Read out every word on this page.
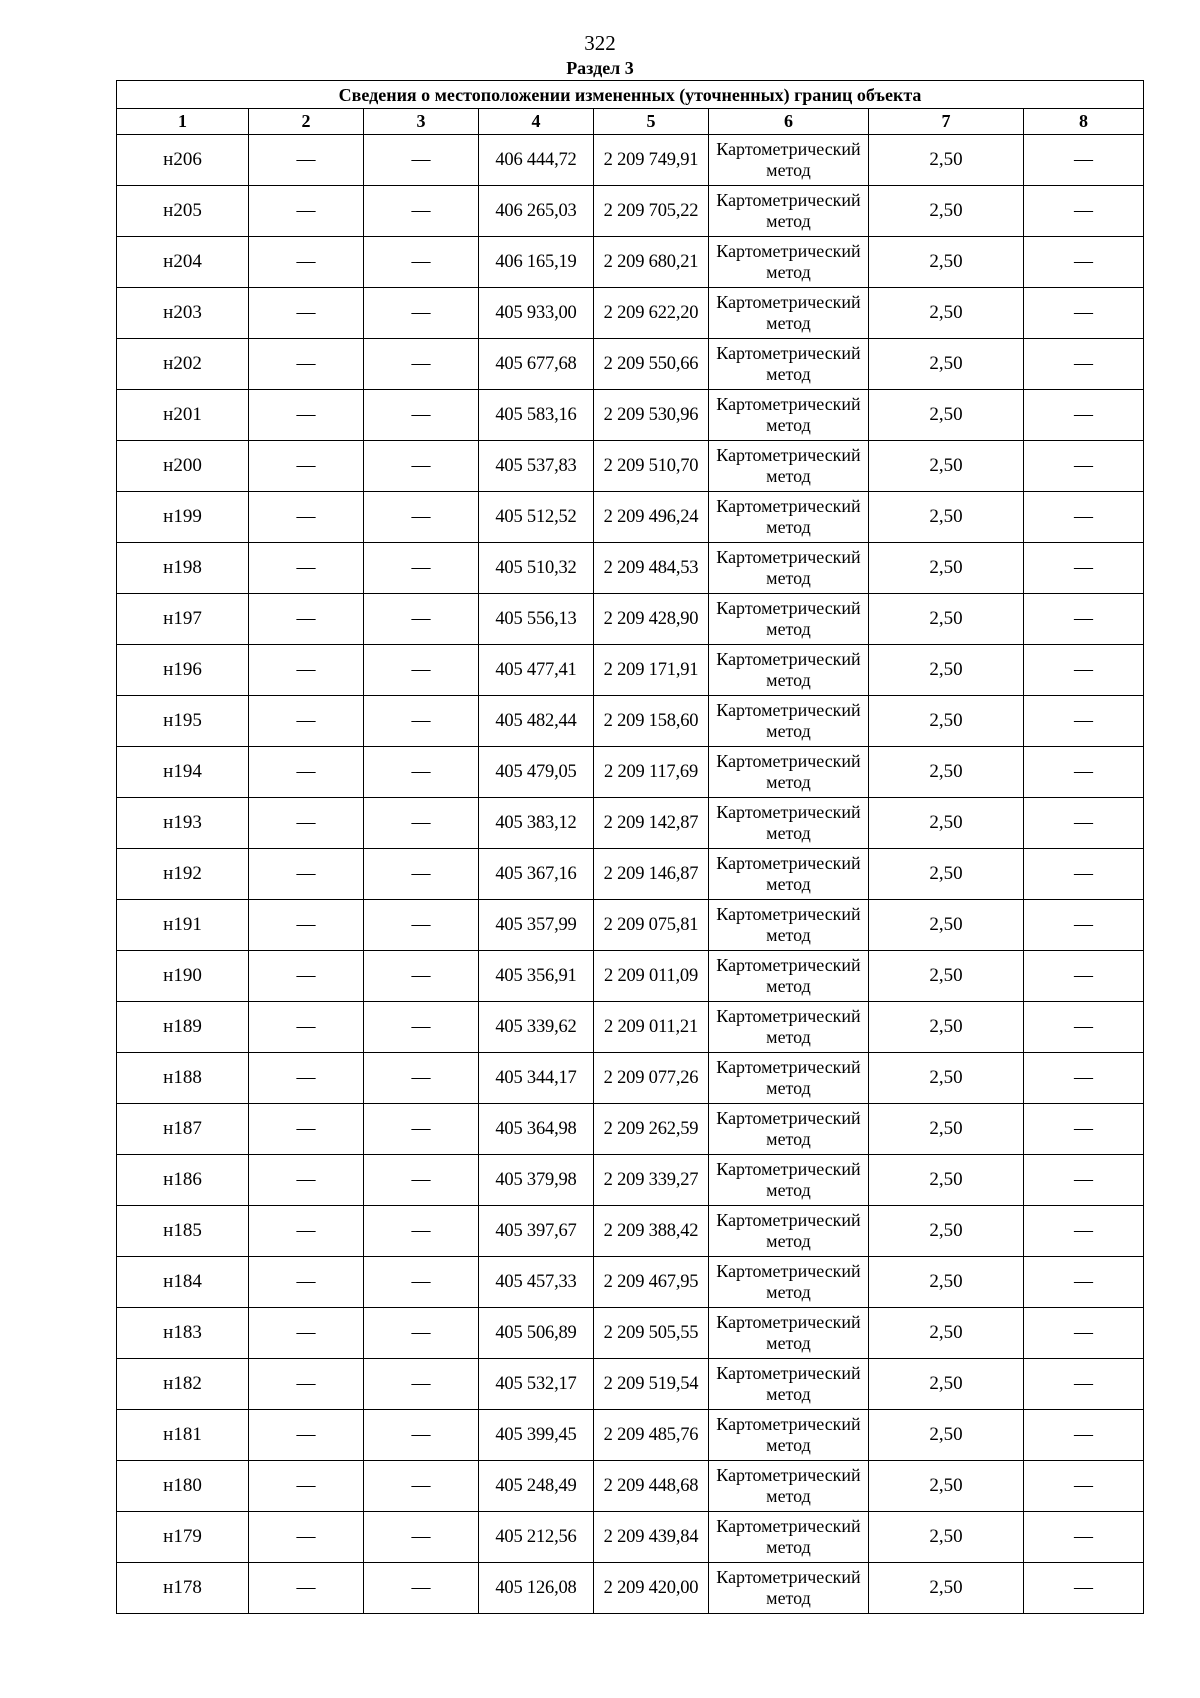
322
Раздел 3
Сведения о местоположении измененных (уточненных) границ объекта							
1	2	3	4	5	6	7	8
н206	—	—	406 444,72	2 209 749,91	Картометрический метод	2,50	—
н205	—	—	406 265,03	2 209 705,22	Картометрический метод	2,50	—
н204	—	—	406 165,19	2 209 680,21	Картометрический метод	2,50	—
н203	—	—	405 933,00	2 209 622,20	Картометрический метод	2,50	—
н202	—	—	405 677,68	2 209 550,66	Картометрический метод	2,50	—
н201	—	—	405 583,16	2 209 530,96	Картометрический метод	2,50	—
н200	—	—	405 537,83	2 209 510,70	Картометрический метод	2,50	—
н199	—	—	405 512,52	2 209 496,24	Картометрический метод	2,50	—
н198	—	—	405 510,32	2 209 484,53	Картометрический метод	2,50	—
н197	—	—	405 556,13	2 209 428,90	Картометрический метод	2,50	—
н196	—	—	405 477,41	2 209 171,91	Картометрический метод	2,50	—
н195	—	—	405 482,44	2 209 158,60	Картометрический метод	2,50	—
н194	—	—	405 479,05	2 209 117,69	Картометрический метод	2,50	—
н193	—	—	405 383,12	2 209 142,87	Картометрический метод	2,50	—
н192	—	—	405 367,16	2 209 146,87	Картометрический метод	2,50	—
н191	—	—	405 357,99	2 209 075,81	Картометрический метод	2,50	—
н190	—	—	405 356,91	2 209 011,09	Картометрический метод	2,50	—
н189	—	—	405 339,62	2 209 011,21	Картометрический метод	2,50	—
н188	—	—	405 344,17	2 209 077,26	Картометрический метод	2,50	—
н187	—	—	405 364,98	2 209 262,59	Картометрический метод	2,50	—
н186	—	—	405 379,98	2 209 339,27	Картометрический метод	2,50	—
н185	—	—	405 397,67	2 209 388,42	Картометрический метод	2,50	—
н184	—	—	405 457,33	2 209 467,95	Картометрический метод	2,50	—
н183	—	—	405 506,89	2 209 505,55	Картометрический метод	2,50	—
н182	—	—	405 532,17	2 209 519,54	Картометрический метод	2,50	—
н181	—	—	405 399,45	2 209 485,76	Картометрический метод	2,50	—
н180	—	—	405 248,49	2 209 448,68	Картометрический метод	2,50	—
н179	—	—	405 212,56	2 209 439,84	Картометрический метод	2,50	—
н178	—	—	405 126,08	2 209 420,00	Картометрический метод	2,50	—
